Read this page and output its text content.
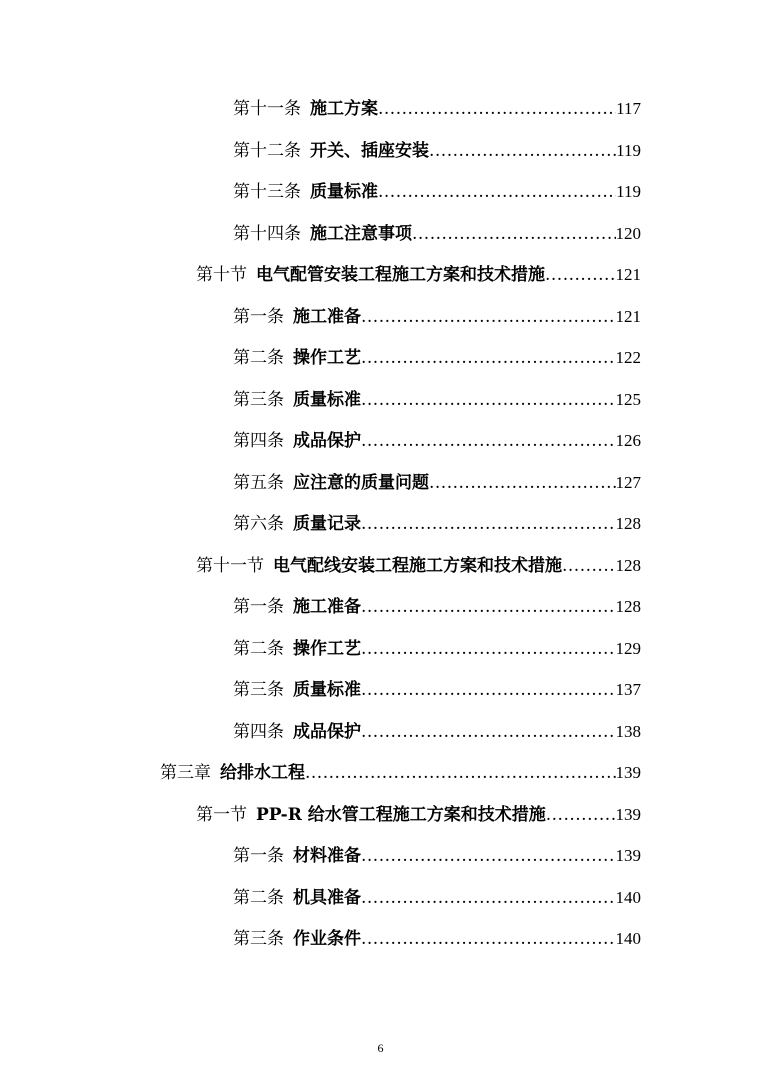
第十一条 施工方案 .....	117
第十二条 开关、插座安装 .....	119
第十三条 质量标准 .....	119
第十四条 施工注意事项 .....	120
第十节 电气配管安装工程施工方案和技术措施 .....	121
第一条 施工准备 .....	121
第二条 操作工艺 .....	122
第三条 质量标准 .....	125
第四条 成品保护 .....	126
第五条 应注意的质量问题 .....	127
第六条 质量记录 .....	128
第十一节 电气配线安装工程施工方案和技术措施 .....	128
第一条 施工准备 .....	128
第二条 操作工艺 .....	129
第三条 质量标准 .....	137
第四条 成品保护 .....	138
第三章 给排水工程 .....	139
第一节 PP-R 给水管工程施工方案和技术措施 .....	139
第一条 材料准备 .....	139
第二条 机具准备 .....	140
第三条 作业条件 .....	140
6
